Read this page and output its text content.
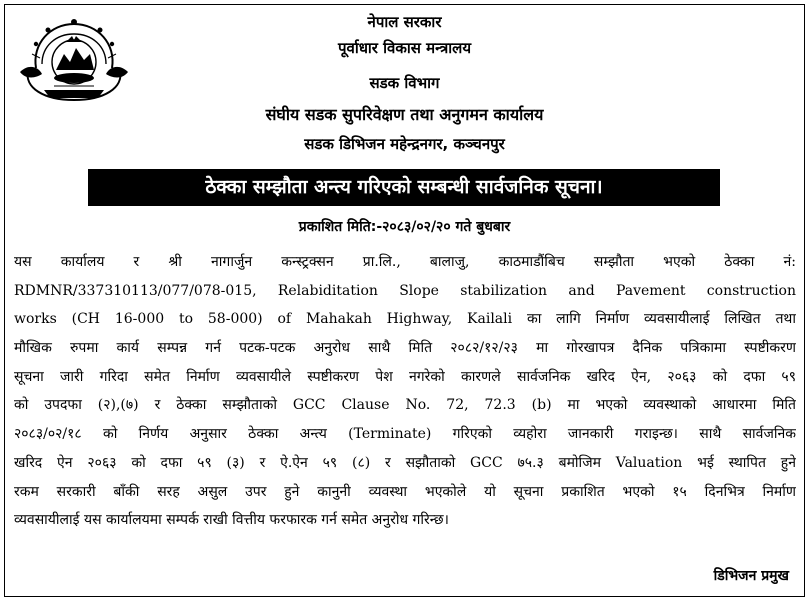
नेपाल सरकार
पूर्वाधार विकास मन्त्रालय
सडक विभाग
संघीय सडक सुपरिवेक्षण तथा अनुगमन कार्यालय
सडक डिभिजन महेन्द्रनगर, कञ्चनपुर
ठेक्का सम्झौता अन्त्य गरिएको सम्बन्धी सार्वजनिक सूचना।
प्रकाशित मिति:-२०८३/०२/२० गते बुधबार
यस कार्यालय र श्री नागार्जुन कन्स्ट्रक्सन प्रा.लि., बालाजु, काठमाडौंबिच सम्झौता भएको ठेक्का नं:
RDMNR/337310113/077/078-015, Relabiditation Slope stabilization and Pavement construction
works (CH 16-000 to 58-000) of Mahakah Highway, Kailali का लागि निर्माण व्यवसायीलाई लिखित तथा
मौखिक रुपमा कार्य सम्पन्न गर्न पटक-पटक अनुरोध साथै मिति २०८२/१२/२३ मा गोरखापत्र दैनिक पत्रिकामा स्पष्टीकरण
सूचना जारी गरिदा समेत निर्माण व्यवसायीले स्पष्टीकरण पेश नगरेको कारणले सार्वजनिक खरिद ऐन, २०६३ को दफा ५९
को उपदफा (२),(७) र ठेक्का सम्झौताको GCC Clause No. 72, 72.3 (b) मा भएको व्यवस्थाको आधारमा मिति
२०८३/०२/१८ को निर्णय अनुसार ठेक्का अन्त्य (Terminate) गरिएको व्यहोरा जानकारी गराइन्छ। साथै सार्वजनिक
खरिद ऐन २०६३ को दफा ५९ (३) र ऐ.ऐन ५९ (८) र सझौताको GCC ७५.३ बमोजिम Valuation भई स्थापित हुने
रकम सरकारी बाँकी सरह असुल उपर हुने कानुनी व्यवस्था भएकोले यो सूचना प्रकाशित भएको १५ दिनभित्र निर्माण
व्यवसायीलाई यस कार्यालयमा सम्पर्क राखी वित्तीय फरफारक गर्न समेत अनुरोध गरिन्छ।
डिभिजन प्रमुख
